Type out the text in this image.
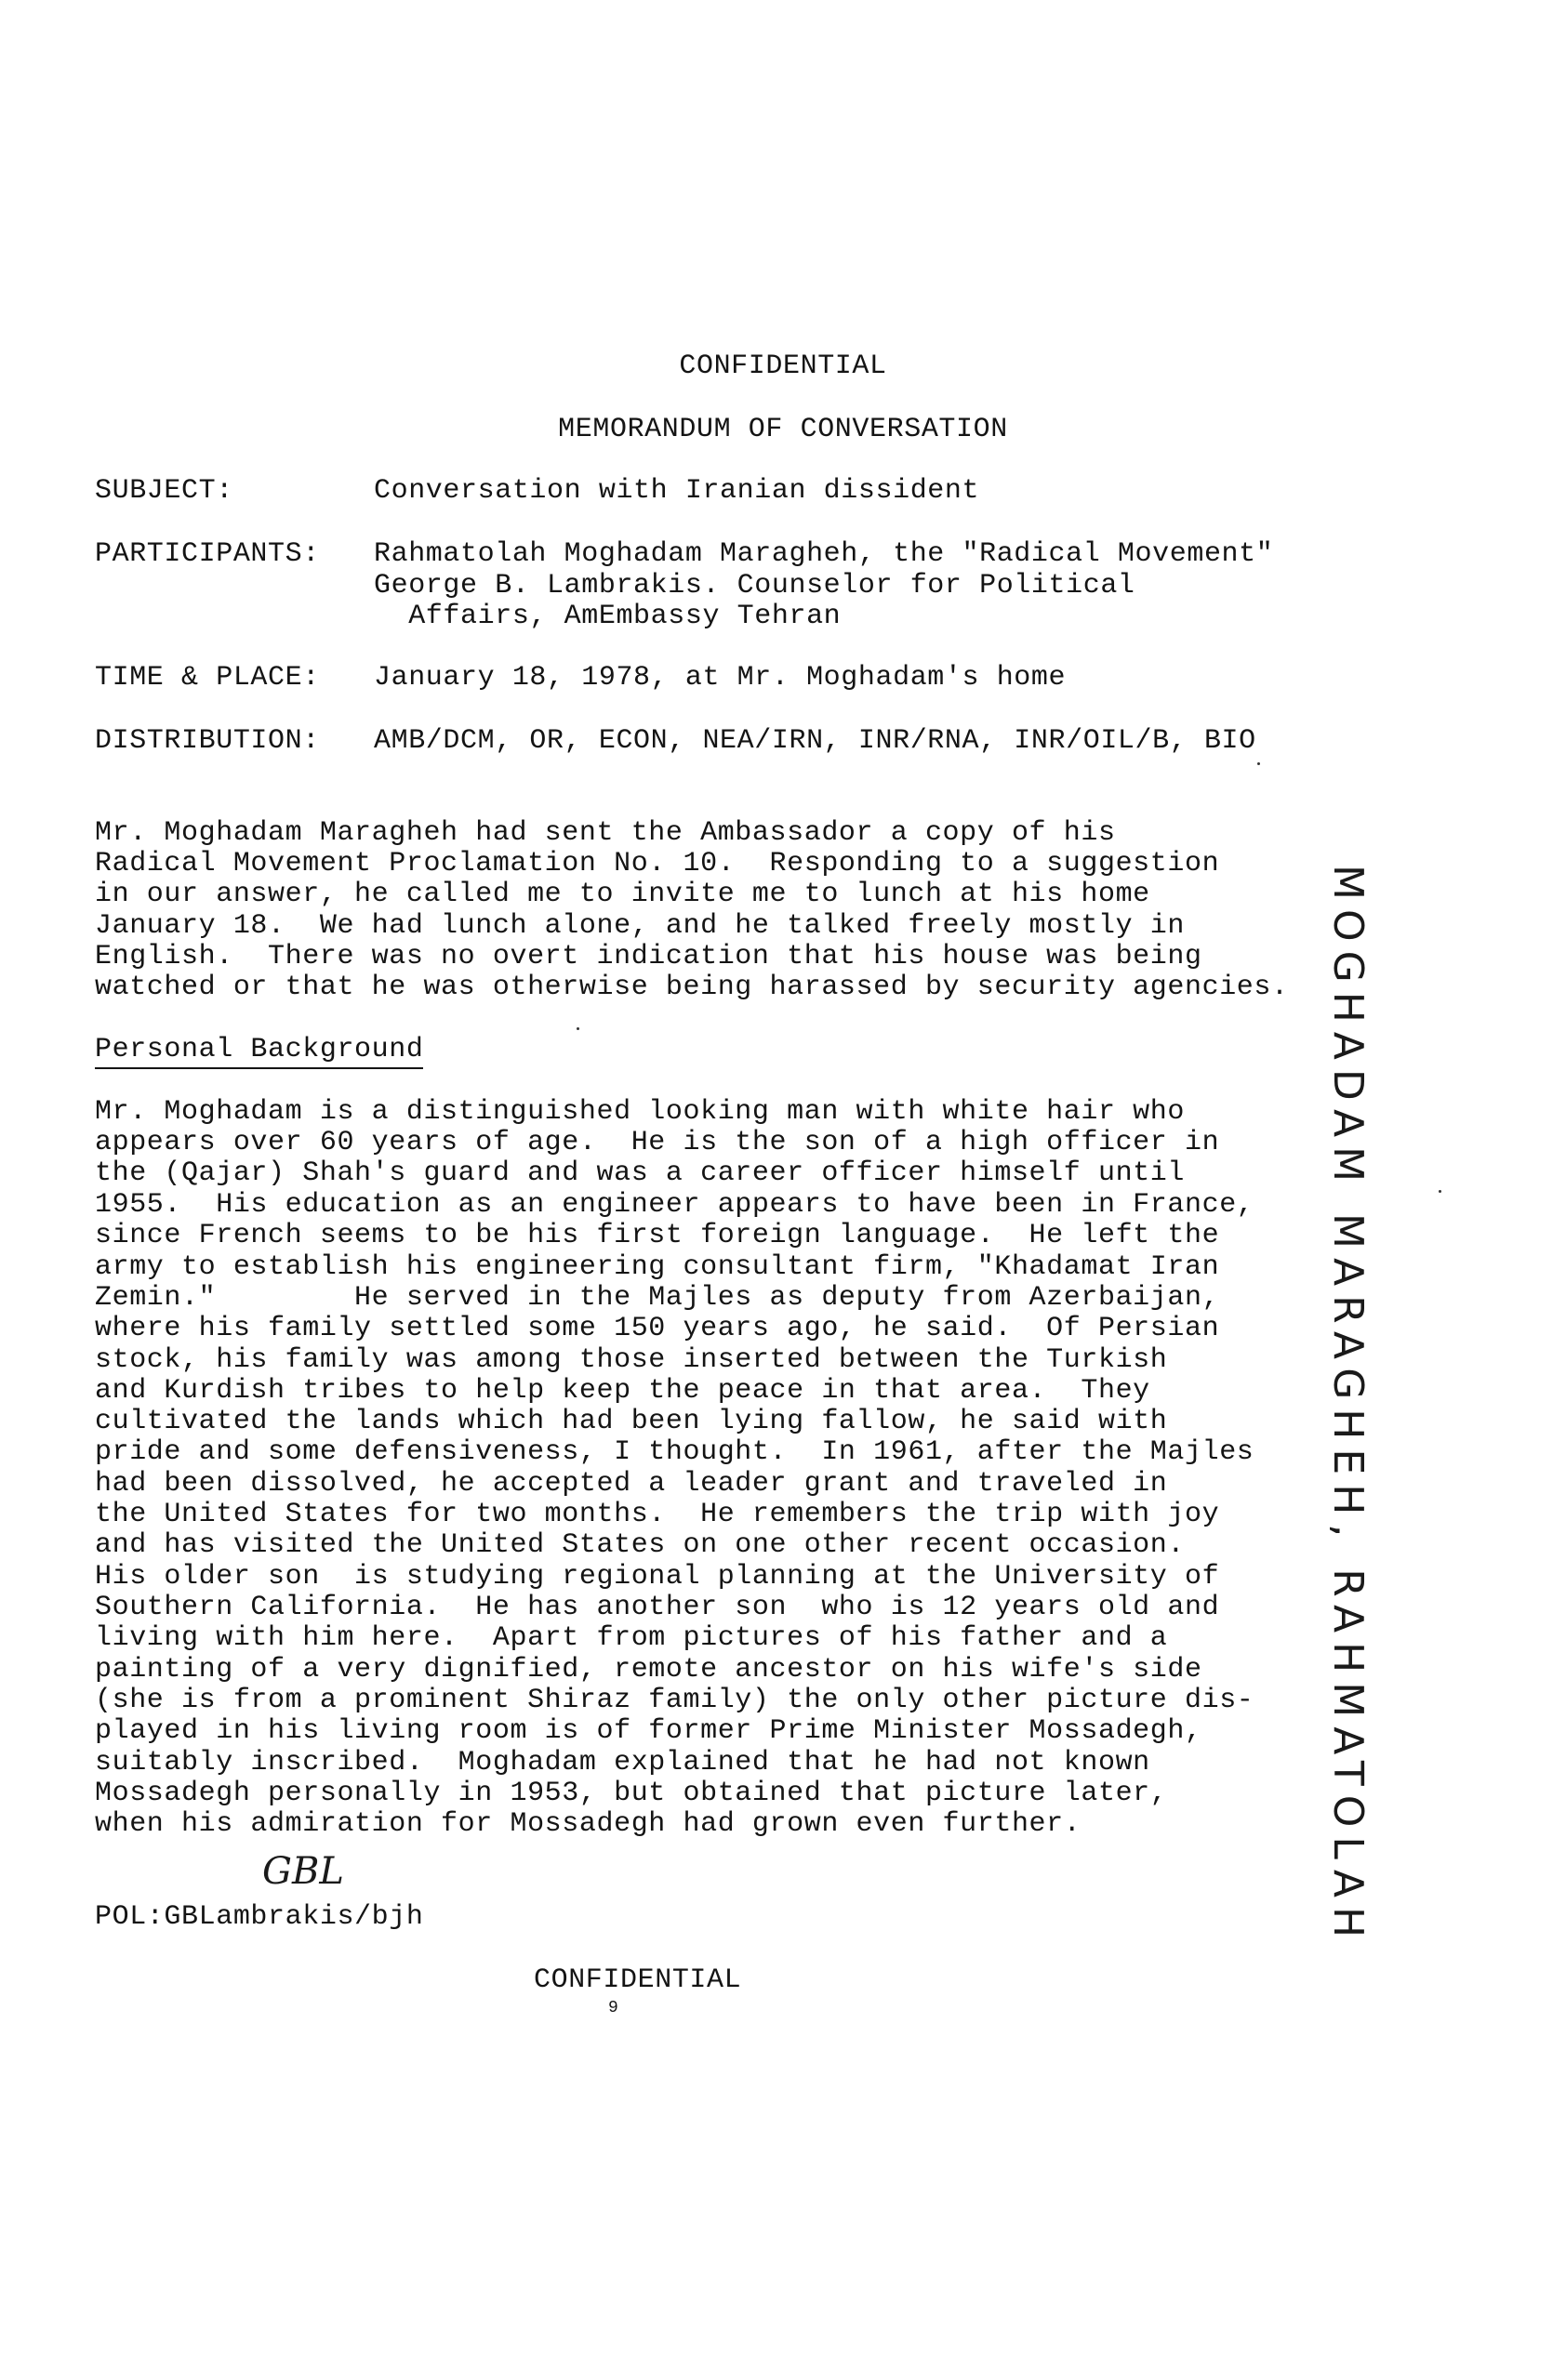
CONFIDENTIAL

MEMORANDUM OF CONVERSATION

SUBJECT:	Conversation with Iranian dissident

PARTICIPANTS: Rahmatolah Moghadam Maragheh, the "Radical Movement"

George B. Lambrakis. Counselor for Political

Affairs, AmEmbassy Tehran

TIME & PLACE: January 18, 1978, at Mr. Moghadam's home

DISTRIBUTION: AMB/DCM, OR, ECON, NEA/IRN, INR/RNA, INR/OIL/B, BIO

Mr. Moghadam Maragheh had sent the Ambassador a copy of his

Radical Movement Proclamation No. 10.  Responding to a suggestion

in our answer, he called me to invite me to lunch at his home

January 18.  We had lunch alone, and he talked freely mostly in

English.  There was no overt indication that his house was being

watched or that he was otherwise being harassed by security agencies.

Personal Background

Mr. Moghadam is a distinguished looking man with white hair who

appears over 60 years of age.  He is the son of a high officer in

the (Qajar) Shah's guard and was a career officer himself until

1955.  His education as an engineer appears to have been in France,

since French seems to be his first foreign language.  He left the

army to establish his engineering consultant firm, "Khadamat Iran

Zemin."        He served in the Majles as deputy from Azerbaijan,

where his family settled some 150 years ago, he said.  Of Persian

stock, his family was among those inserted between the Turkish

and Kurdish tribes to help keep the peace in that area.  They

cultivated the lands which had been lying fallow, he said with

pride and some defensiveness, I thought.  In 1961, after the Majles

had been dissolved, he accepted a leader grant and traveled in

the United States for two months.  He remembers the trip with joy

and has visited the United States on one other recent occasion.

His older son  is studying regional planning at the University of

Southern California.  He has another son  who is 12 years old and

living with him here.  Apart from pictures of his father and a

painting of a very dignified, remote ancestor on his wife's side

(she is from a prominent Shiraz family) the only other picture dis-

played in his living room is of former Prime Minister Mossadegh,

suitably inscribed.  Moghadam explained that he had not known

Mossadegh personally in 1953, but obtained that picture later,

when his admiration for Mossadegh had grown even further.

GBL

POL:GBLambrakis/bjh

CONFIDENTIAL

9

MOGHADAM MARAGHEH, RAHMATOLAH
